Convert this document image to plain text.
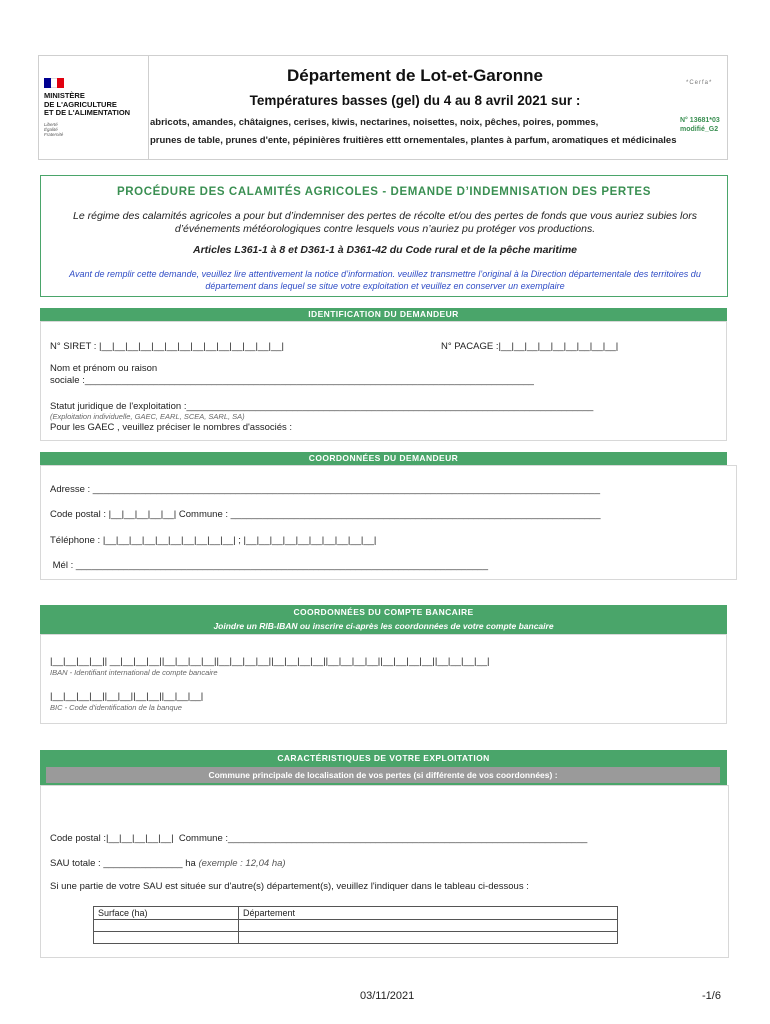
MINISTÈRE
DE L'AGRICULTURE
ET DE L'ALIMENTATION
Liberté
Égalité
Fraternité
Département de Lot-et-Garonne
Températures basses (gel) du 4 au 8 avril 2021 sur :
abricots, amandes, châtaignes, cerises, kiwis, nectarines, noisettes, noix, pêches, poires, pommes,
prunes de table, prunes d'ente, pépinières fruitières ettt ornementales, plantes à parfum, aromatiques et médicinales
*Cerfa*
N° 13681*03
modifié_G2
PROCÉDURE DES CALAMITÉS AGRICOLES - DEMANDE D’INDEMNISATION DES PERTES
Le régime des calamités agricoles a pour but d’indemniser des pertes de récolte et/ou des pertes de fonds que vous auriez subies lors d’événements météorologiques contre lesquels vous n’auriez pu protéger vos productions.
Articles L361-1 à 8 et D361-1 à D361-42 du Code rural et de la pêche maritime
Avant de remplir cette demande, veuillez lire attentivement la notice d’information. veuillez transmettre l’original à la Direction départementale des territoires du département dans lequel se situe votre exploitation et veuillez en conserver un exemplaire
IDENTIFICATION DU DEMANDEUR
N° SIRET : |__|__|__|__|__|__|__|__|__|__|__|__|__|__|	N° PACAGE :|__|__|__|__|__|__|__|__|__|
Nom et prénom ou raison
sociale :_____________________________________________________________________________________
Statut juridique de l'exploitation :_____________________________________________________________________________
(Exploitation individuelle, GAEC, EARL, SCEA, SARL, SA)
Pour les GAEC , veuillez préciser le nombres d'associés :
COORDONNÉES DU DEMANDEUR
Adresse : ________________________________________________________________________________________________
Code postal : |__|__|__|__|__| Commune : ______________________________________________________________________
Téléphone : |__|__|__|__|__|__|__|__|__|__| ; |__|__|__|__|__|__|__|__|__|__|
Mél : ______________________________________________________________________________
COORDONNÉES DU COMPTE BANCAIRE
Joindre un RIB-IBAN ou inscrire ci-après les coordonnées de votre compte bancaire
|__|__|__|__|| __|__|__|__||__|__|__|__||__|__|__|__||__|__|__|__||__|__|__|__||__|__|__|__||__|__|__|__|
IBAN - Identifiant international de compte bancaire
|__|__|__|__||__|__||__|__||__|__|__|
BIC - Code d'identification de la banque
CARACTÉRISTIQUES DE VOTRE EXPLOITATION
Commune principale de localisation de vos pertes (si différente de vos coordonnées) :
Code postal :|__|__|__|__|__|  Commune :____________________________________________________________________
SAU totale : _______________ ha (exemple : 12,04 ha)
Si une partie de votre SAU est située sur d'autre(s) département(s), veuillez l'indiquer dans le tableau ci-dessous :
Surface (ha)	Département

03/11/2021	-1/6
